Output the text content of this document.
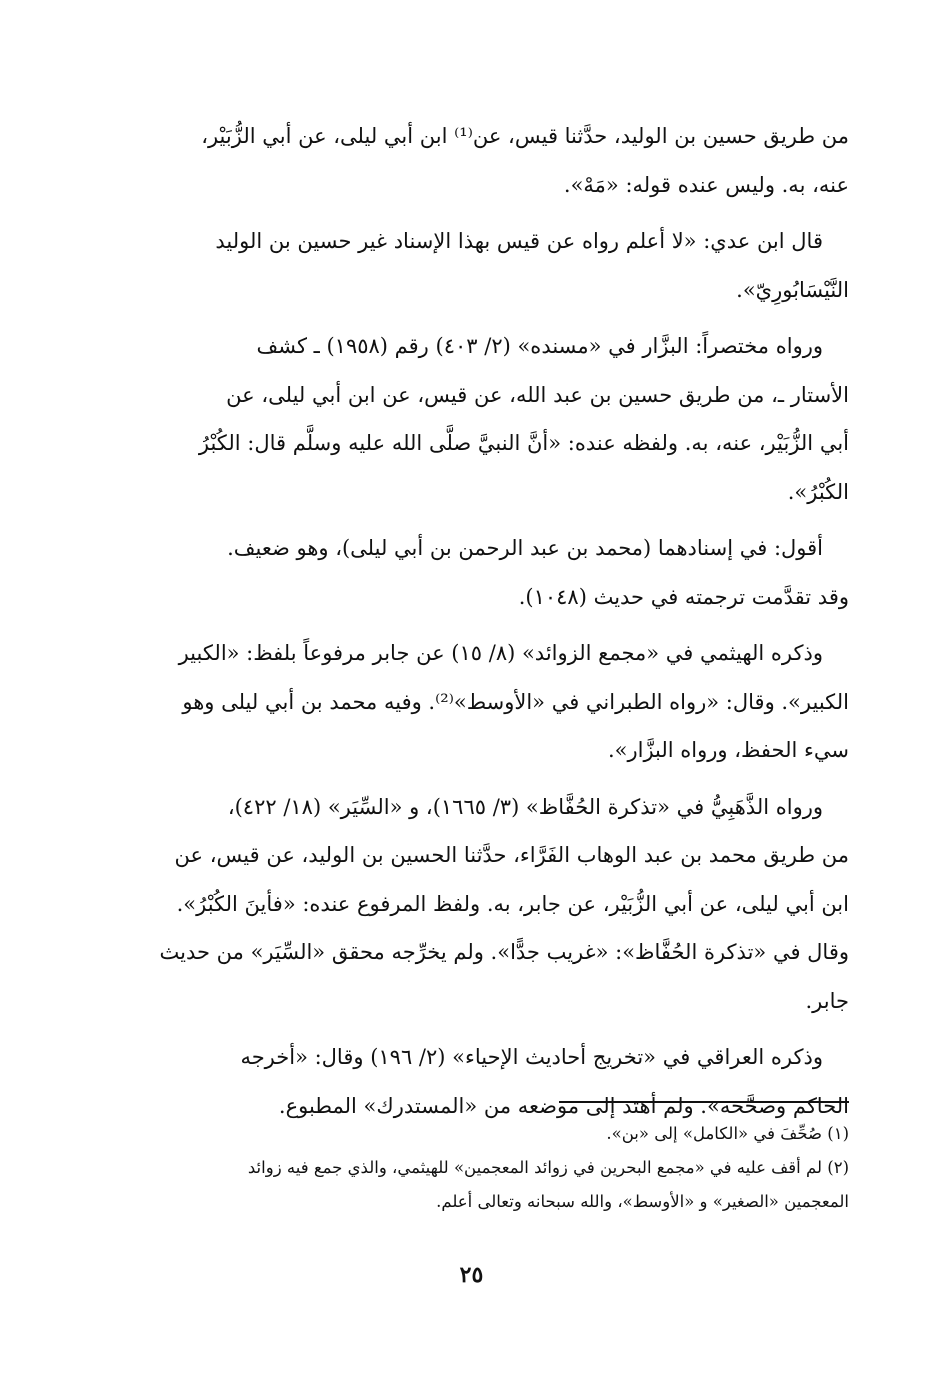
من طريق حسين بن الوليد، حدَّثنا قيس، عن⁽¹⁾ ابن أبي ليلى، عن أبي الزُّبَيْر،
عنه، به. وليس عنده قوله: «مَهْ».

قال ابن عدي: «لا أعلم رواه عن قيس بهذا الإسناد غير حسين بن الوليد
النَّيْسَابُورِيّ».

ورواه مختصراً: البزَّار في «مسنده» (٢/ ٤٠٣) رقم (١٩٥٨) ـ كشف
الأستار ـ، من طريق حسين بن عبد الله، عن قيس، عن ابن أبي ليلى، عن
أبي الزُّبَيْر، عنه، به. ولفظه عنده: «أنَّ النبيَّ صلَّى الله عليه وسلَّم قال: الكُبْرُ
الكُبْرُ».

أقول: في إسنادهما (محمد بن عبد الرحمن بن أبي ليلى)، وهو ضعيف.
وقد تقدَّمت ترجمته في حديث (١٠٤٨).

وذكره الهيثمي في «مجمع الزوائد» (٨/ ١٥) عن جابر مرفوعاً بلفظ: «الكبير
الكبير». وقال: «رواه الطبراني في «الأوسط»⁽²⁾. وفيه محمد بن أبي ليلى وهو
سيء الحفظ، ورواه البزَّار».

ورواه الذَّهَبِيُّ في «تذكرة الحُفَّاظ» (٣/ ١٦٦٥)، و «السِّيَر» (١٨/ ٤٢٢)،
من طريق محمد بن عبد الوهاب الفَرَّاء، حدَّثنا الحسين بن الوليد، عن قيس، عن
ابن أبي ليلى، عن أبي الزُّبَيْر، عن جابر، به. ولفظ المرفوع عنده: «فأينَ الكُبْرُ».
وقال في «تذكرة الحُفَّاظ»: «غريب جدًّا». ولم يخرِّجه محقق «السِّيَر» من حديث
جابر.

وذكره العراقي في «تخريج أحاديث الإحياء» (٢/ ١٩٦) وقال: «أخرجه
الحاكم وصحَّحه». ولم أهتد إلى موضعه من «المستدرك» المطبوع.

(١) صُحِّفَ في «الكامل» إلى «بن».

(٢) لم أقف عليه في «مجمع البحرين في زوائد المعجمين» للهيثمي، والذي جمع فيه زوائد
المعجمين «الصغير» و «الأوسط»، والله سبحانه وتعالى أعلم.

٢٥
